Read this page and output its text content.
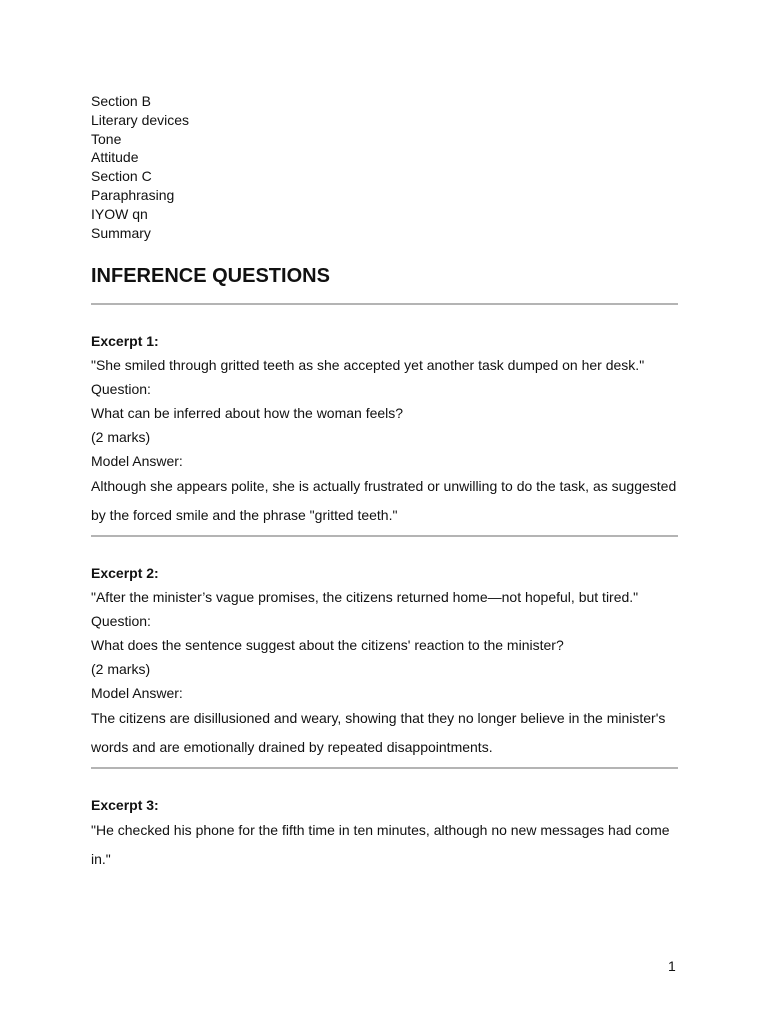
Section B

Literary devices

Tone

Attitude

Section C

Paraphrasing

IYOW qn

Summary

INFERENCE QUESTIONS

Excerpt 1:

"She smiled through gritted teeth as she accepted yet another task dumped on her desk."

Question:

What can be inferred about how the woman feels?

(2 marks)

Model Answer:

Although she appears polite, she is actually frustrated or unwilling to do the task, as suggested by the forced smile and the phrase "gritted teeth."

Excerpt 2:

"After the minister’s vague promises, the citizens returned home—not hopeful, but tired."

Question:

What does the sentence suggest about the citizens' reaction to the minister?

(2 marks)

Model Answer:

The citizens are disillusioned and weary, showing that they no longer believe in the minister's words and are emotionally drained by repeated disappointments.

Excerpt 3:

"He checked his phone for the fifth time in ten minutes, although no new messages had come in."

1
